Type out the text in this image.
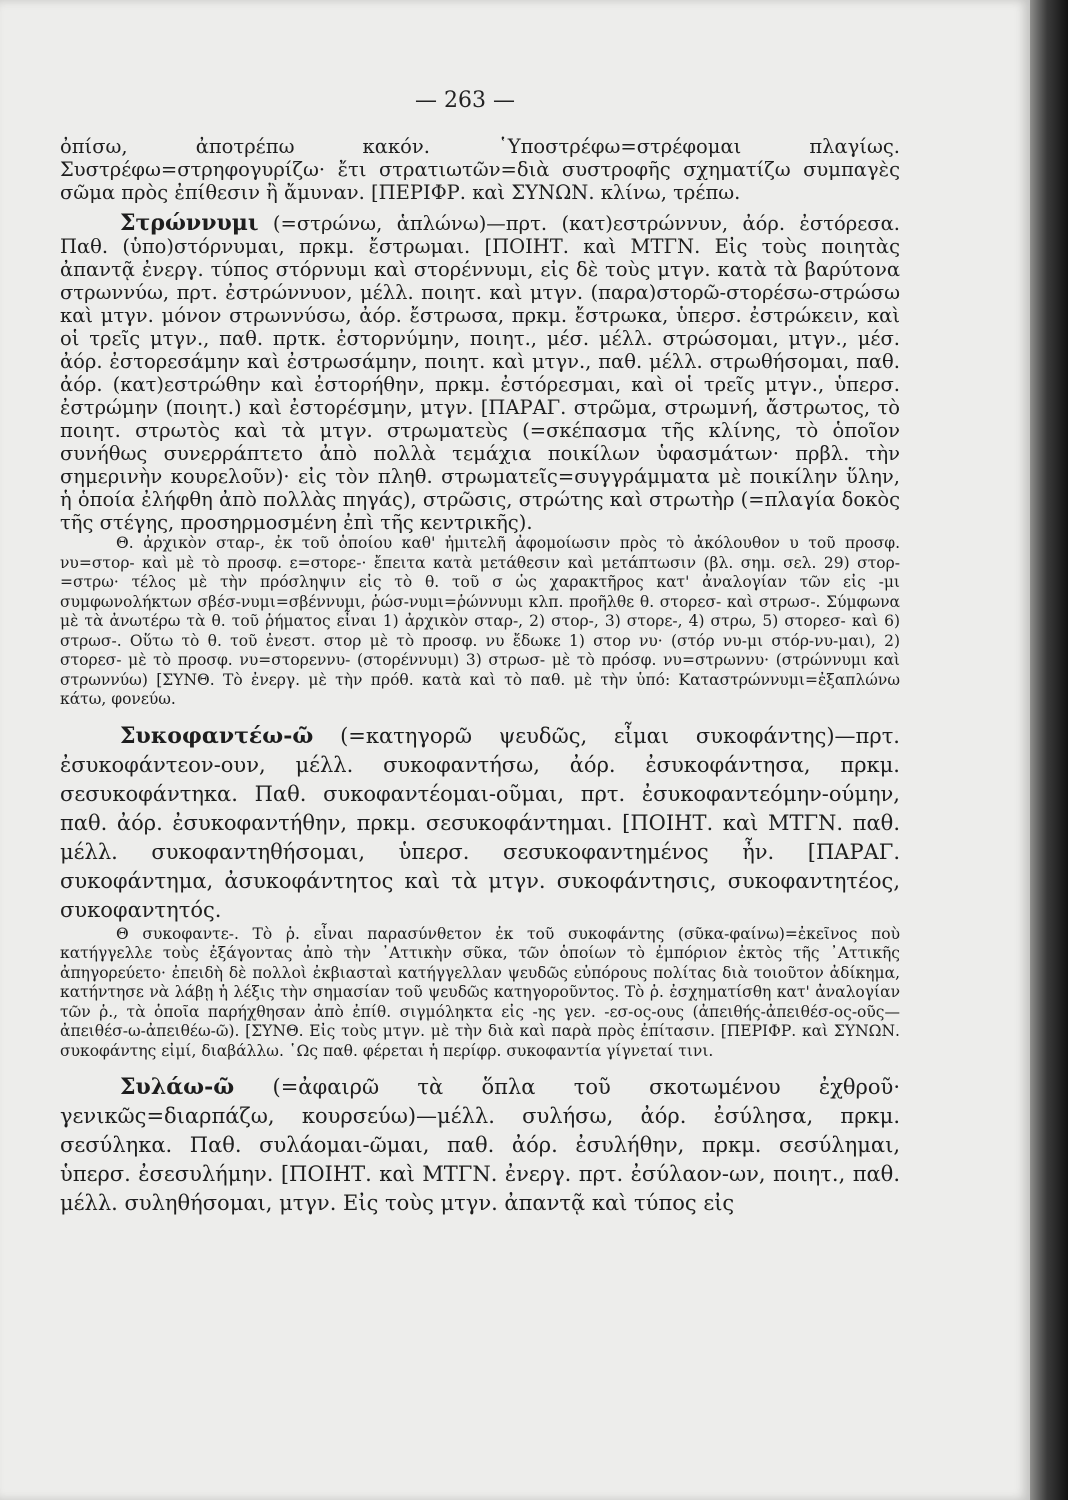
— 263 —

ὀπίσω, ἀποτρέπω κακόν. ῾Υποστρέφω=στρέφομαι πλαγίως. Συστρέφω=στρηφογυρίζω· ἔτι στρατιωτῶν=διὰ συστροφῆς σχηματίζω συμπαγὲς σῶμα πρὸς ἐπίθεσιν ἢ ἄμυναν. [ΠΕΡΙΦΡ. καὶ ΣΥΝΩΝ. κλίνω, τρέπω.

Στρώννυμι (=στρώνω, ἁπλώνω)—πρτ. (κατ)εστρώννυν, ἀόρ. ἐστόρεσα. Παθ. (ὑπο)στόρνυμαι, πρκμ. ἔστρωμαι. [ΠΟΙΗΤ. καὶ ΜΤΓΝ. Εἰς τοὺς ποιητὰς ἀπαντᾷ ἐνεργ. τύπος στόρνυμι καὶ στορέννυμι, εἰς δὲ τοὺς μτγν. κατὰ τὰ βαρύτονα στρωννύω, πρτ. ἐστρώννυον, μέλλ. ποιητ. καὶ μτγν. (παρα)στορῶ-στορέσω-στρώσω καὶ μτγν. μόνον στρωννύσω, ἀόρ. ἔστρωσα, πρκμ. ἔστρωκα, ὑπερσ. ἐστρώκειν, καὶ οἱ τρεῖς μτγν., παθ. πρτκ. ἐστορνύμην, ποιητ., μέσ. μέλλ. στρώσομαι, μτγν., μέσ. ἀόρ. ἐστορεσάμην καὶ ἐστρωσάμην, ποιητ. καὶ μτγν., παθ. μέλλ. στρωθήσομαι, παθ. ἀόρ. (κατ)εστρώθην καὶ ἐστορήθην, πρκμ. ἐστόρεσμαι, καὶ οἱ τρεῖς μτγν., ὑπερσ. ἐστρώμην (ποιητ.) καὶ ἐστορέσμην, μτγν. [ΠΑΡΑΓ. στρῶμα, στρωμνή, ἄστρωτος, τὸ ποιητ. στρωτὸς καὶ τὰ μτγν. στρωματεὺς (=σκέπασμα τῆς κλίνης, τὸ ὁποῖον συνήθως συνερράπτετο ἀπὸ πολλὰ τεμάχια ποικίλων ὑφασμάτων· πρβλ. τὴν σημερινὴν κουρελοῦν)· εἰς τὸν πληθ. στρωματεῖς=συγγράμματα μὲ ποικίλην ὕλην, ἡ ὁποία ἐλήφθη ἀπὸ πολλὰς πηγάς), στρῶσις, στρώτης καὶ στρωτὴρ (=πλαγία δοκὸς τῆς στέγης, προσηρμοσμένη ἐπὶ τῆς κεντρικῆς).

Θ. ἀρχικὸν σταρ-, ἐκ τοῦ ὁποίου καθ' ἠμιτελῆ ἀφομοίωσιν πρὸς τὸ ἀκόλουθον υ τοῦ προσφ. νυ=στορ- καὶ μὲ τὸ προσφ. ε=στορε-· ἔπειτα κατὰ μετάθεσιν καὶ μετάπτωσιν (βλ. σημ. σελ. 29) στορ-=στρω· τέλος μὲ τὴν πρόσληψιν εἰς τὸ θ. τοῦ σ ὡς χαρακτῆρος κατ' ἀναλογίαν τῶν εἰς -μι συμφωνολήκτων σβέσ-νυμι=σβέννυμι, ῥώσ-νυμι=ῥώννυμι κλπ. προῆλθε θ. στορεσ- καὶ στρωσ-. Σύμφωνα μὲ τὰ ἀνωτέρω τὰ θ. τοῦ ῥήματος εἶναι 1) ἀρχικὸν σταρ-, 2) στορ-, 3) στορε-, 4) στρω, 5) στορεσ- καὶ 6) στρωσ-. Οὕτω τὸ θ. τοῦ ἐνεστ. στορ μὲ τὸ προσφ. νυ ἔδωκε 1) στορ νυ· (στόρ νυ-μι στόρ-νυ-μαι), 2) στορεσ- μὲ τὸ προσφ. νυ=στορεννυ- (στορέννυμι) 3) στρωσ- μὲ τὸ πρόσφ. νυ=στρωννυ· (στρώννυμι καὶ στρωννύω) [ΣΥΝΘ. Τὸ ἐνεργ. μὲ τὴν πρόθ. κατὰ καὶ τὸ παθ. μὲ τὴν ὑπό: Καταστρώννυμι=ἐξαπλώνω κάτω, φονεύω.

Συκοφαντέω-ῶ (=κατηγορῶ ψευδῶς, εἶμαι συκοφάντης)—πρτ. ἐσυκοφάντεον-ουν, μέλλ. συκοφαντήσω, ἀόρ. ἐσυκοφάντησα, πρκμ. σεσυκοφάντηκα. Παθ. συκοφαντέομαι-οῦμαι, πρτ. ἐσυκοφαντεόμην-ούμην, παθ. ἀόρ. ἐσυκοφαντήθην, πρκμ. σεσυκοφάντημαι. [ΠΟΙΗΤ. καὶ ΜΤΓΝ. παθ. μέλλ. συκοφαντηθήσομαι, ὑπερσ. σεσυκοφαντημένος ἦν. [ΠΑΡΑΓ. συκοφάντημα, ἀσυκοφάντητος καὶ τὰ μτγν. συκοφάντησις, συκοφαντητέος, συκοφαντητός.

Θ συκοφαντε-. Τὸ ῥ. εἶναι παρασύνθετον ἐκ τοῦ συκοφάντης (σῦκα-φαίνω)=ἐκεῖνος ποὺ κατήγγελλε τοὺς ἐξάγοντας ἀπὸ τὴν ᾿Αττικὴν σῦκα, τῶν ὁποίων τὸ ἐμπόριον ἐκτὸς τῆς ᾿Αττικῆς ἀπηγορεύετο· ἐπειδὴ δὲ πολλοὶ ἐκβιασταὶ κατήγγελλαν ψευδῶς εὐπόρους πολίτας διὰ τοιοῦτον ἀδίκημα, κατήντησε νὰ λάβῃ ἡ λέξις τὴν σημασίαν τοῦ ψευδῶς κατηγοροῦντος. Τὸ ῥ. ἐσχηματίσθη κατ' ἀναλογίαν τῶν ῥ., τὰ ὁποῖα παρήχθησαν ἀπὸ ἐπίθ. σιγμόληκτα εἰς -ης γεν. -εσ-ος-ους (ἀπειθής-ἀπειθέσ-ος-οῦς—ἀπειθέσ-ω-ἀπειθέω-ῶ). [ΣΥΝΘ. Εἰς τοὺς μτγν. μὲ τὴν διὰ καὶ παρὰ πρὸς ἐπίτασιν. [ΠΕΡΙΦΡ. καὶ ΣΥΝΩΝ. συκοφάντης εἰμί, διαβάλλω. ῾Ως παθ. φέρεται ἡ περίφρ. συκοφαντία γίγνεταί τινι.

Συλάω-ῶ (=ἀφαιρῶ τὰ ὅπλα τοῦ σκοτωμένου ἐχθροῦ· γενικῶς=διαρπάζω, κουρσεύω)—μέλλ. συλήσω, ἀόρ. ἐσύλησα, πρκμ. σεσύληκα. Παθ. συλάομαι-ῶμαι, παθ. ἀόρ. ἐσυλήθην, πρκμ. σεσύλημαι, ὑπερσ. ἐσεσυλήμην. [ΠΟΙΗΤ. καὶ ΜΤΓΝ. ἐνεργ. πρτ. ἐσύλαον-ων, ποιητ., παθ. μέλλ. συληθήσομαι, μτγν. Εἰς τοὺς μτγν. ἀπαντᾷ καὶ τύπος εἰς
